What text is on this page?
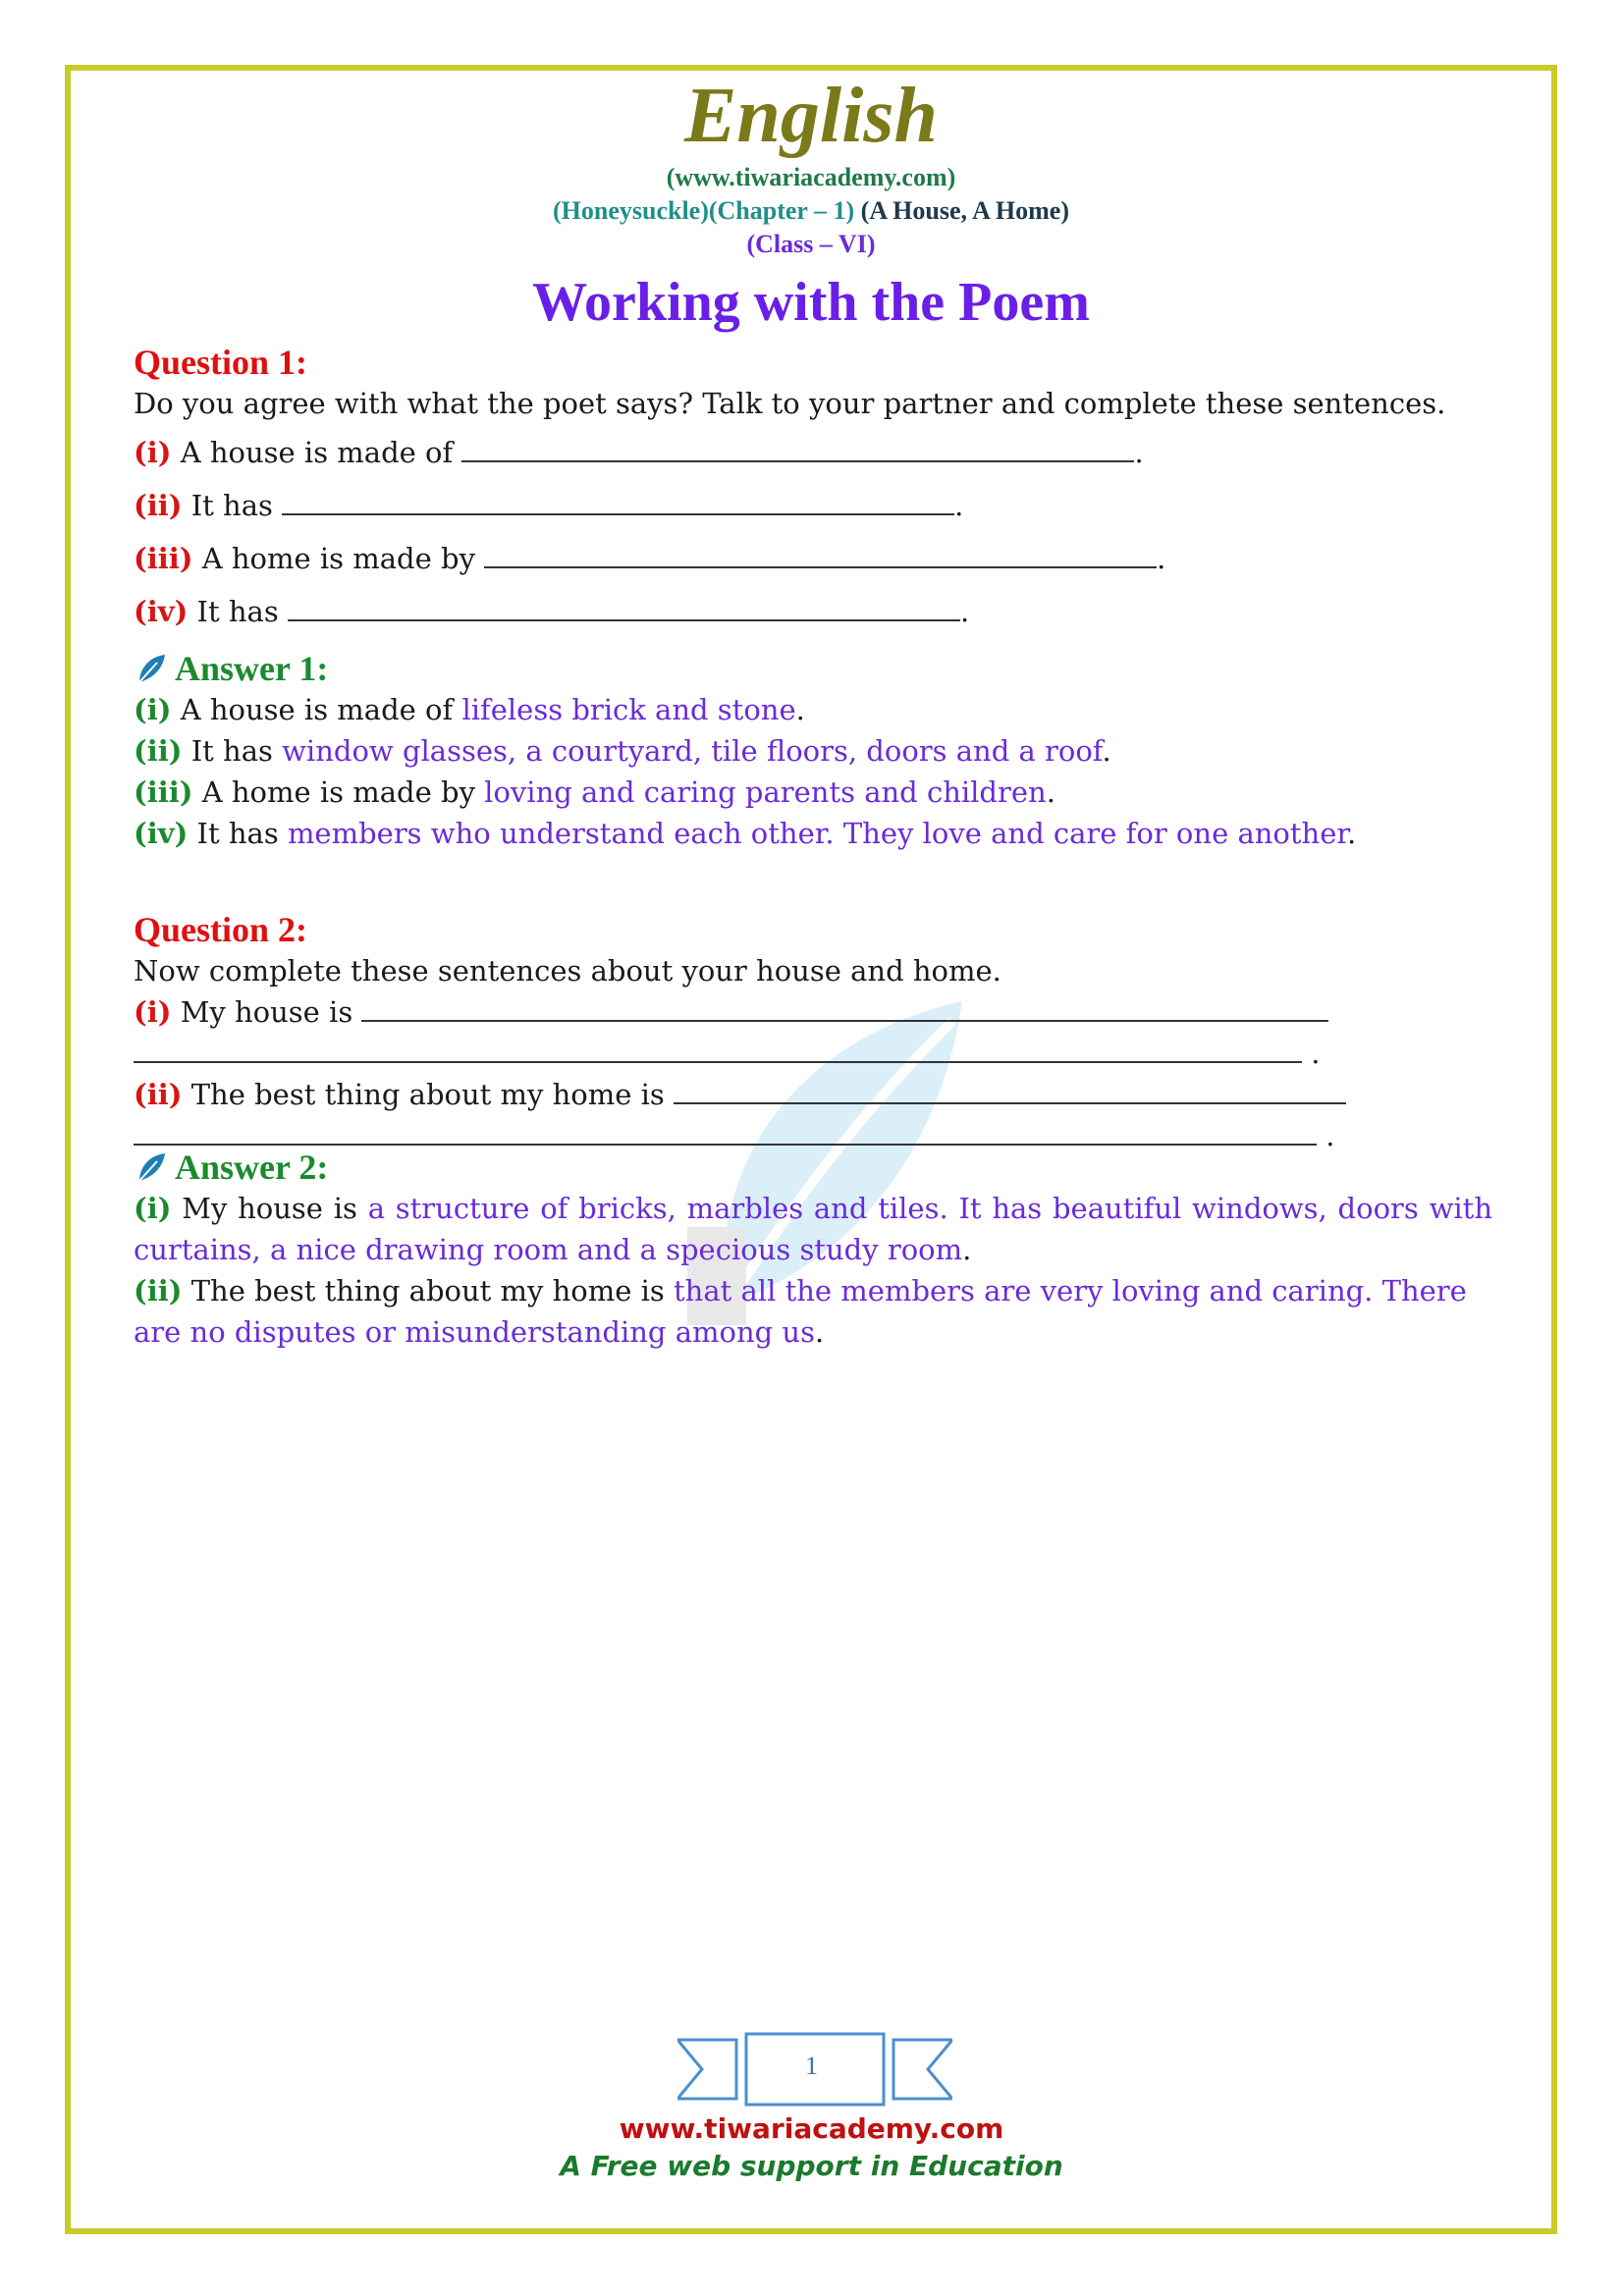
English
(www.tiwariacademy.com)
(Honeysuckle)(Chapter – 1) (A House, A Home)
(Class – VI)
Working with the Poem
Question 1:
Do you agree with what the poet says? Talk to your partner and complete these sentences.
(i) A house is made of	.
(ii) It has	.
(iii) A home is made by	.
(iv) It has	.
Answer 1:
(i) A house is made of lifeless brick and stone.
(ii) It has window glasses, a courtyard, tile floors, doors and a roof.
(iii) A home is made by loving and caring parents and children.
(iv) It has members who understand each other. They love and care for one another.
Question 2:
Now complete these sentences about your house and home.
(i) My house is
.
(ii) The best thing about my home is
.
Answer 2:
(i) My house is a structure of bricks, marbles and tiles. It has beautiful windows, doors with curtains, a nice drawing room and a specious study room.
(ii) The best thing about my home is that all the members are very loving and caring. There are no disputes or misunderstanding among us.
1
www.tiwariacademy.com
A Free web support in Education
